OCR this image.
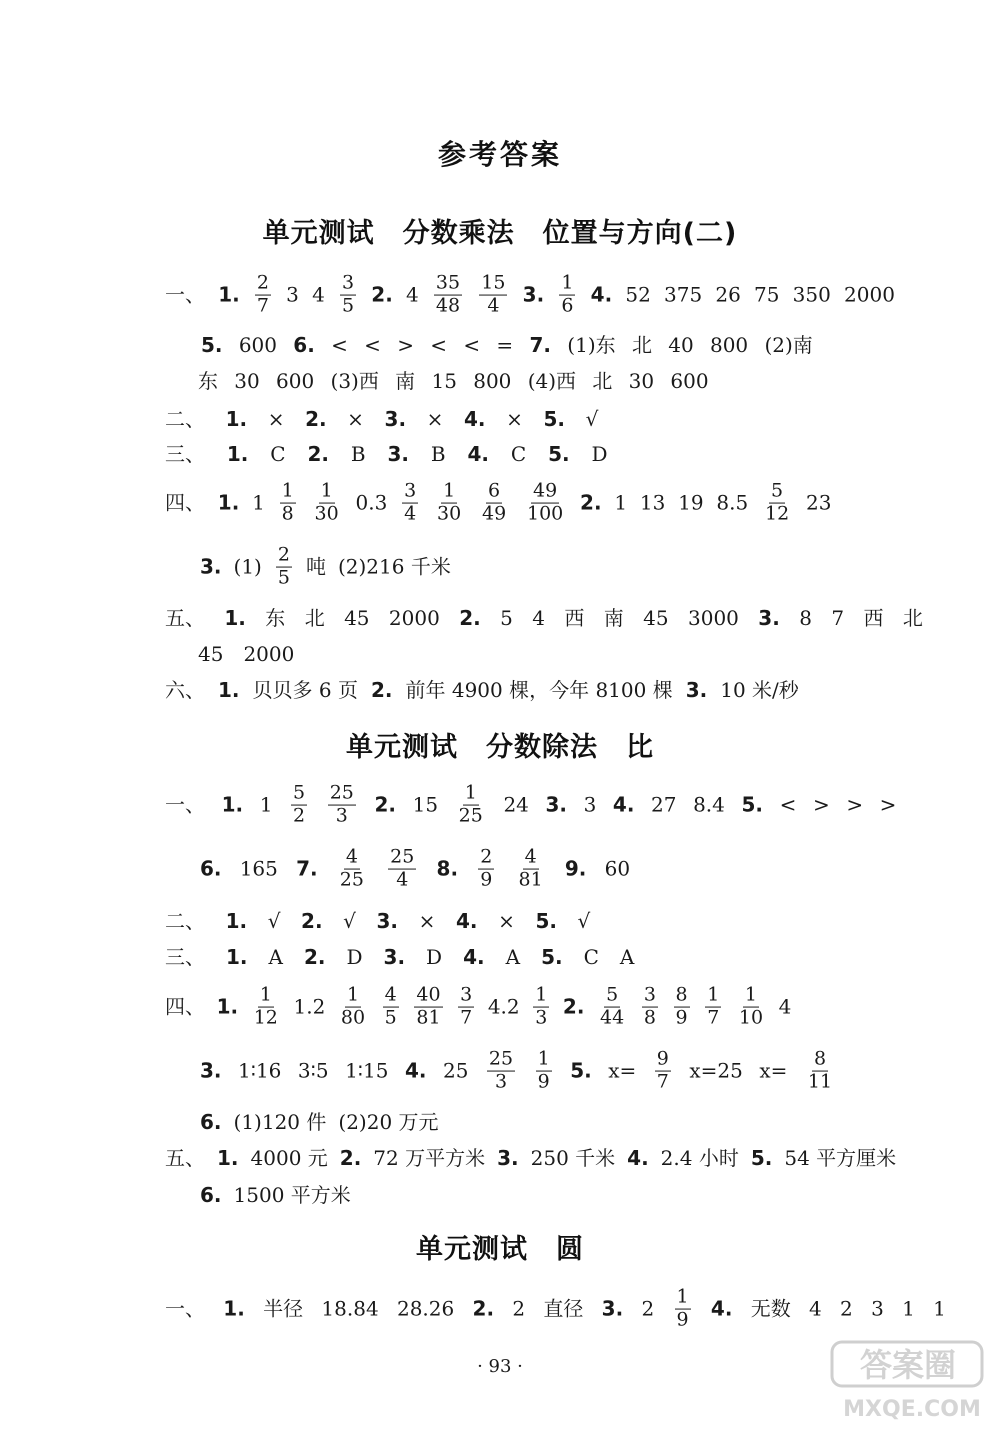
参考答案
单元测试　分数乘法　位置与方向(二)
一、 1. $\frac{2}{7} 3$ $4 \frac{3}{5} 2$. $4 \frac{35}{48} \frac{15}{4} 3$. $\frac{1}{6} 4$. 52 375 26 75 350 2000
5. 600 6. < < > < < = 7. (1)东 北 40 800 (2)南
东 30 600 (3)西 南 15 800 (4)西 北 30 600
二、 1. × 2. × 3. × 4. × 5. √
三、 1. C 2. B 3. B 4. C 5. D
四、 1. $1 \frac{1}{8} \frac{1}{30} 0.3 \frac{3}{4} \frac{1}{30} \frac{6}{49} \frac{49}{100} 2$. 1 13 19 $8.5 \frac{5}{12} 23$
3. $(1) \frac{2}{5}$ 吨 (2)216 千米
五、 1. 东 北 45 2000 2. 5 4 西 南 45 3000 3. 8 7 西 北
45 2000
六、 1. 贝贝多 6 页 2. 前年 4900 棵，今年 8100 棵 3. 10 米/秒
单元测试　分数除法　比
一、 1. $1 \frac{5}{2} \frac{25}{3} 2$. $15 \frac{1}{25} 24$ 3. 3 4. 27 8.4 5. < > > >
6. 165 7. $\frac{4}{25} \frac{25}{4} 8$. $\frac{2}{9} \frac{4}{81} 9$. 60
二、 1. √ 2. √ 3. × 4. × 5. √
三、 1. A 2. D 3. D 4. A 5. C A
四、 1. $\frac{1}{12} 1.2 \frac{1}{80} \frac{4}{5} \frac{40}{81} \frac{3}{7} 4.2 \frac{1}{3} 2$. $\frac{5}{44} \frac{3}{8} \frac{8}{9} \frac{1}{7} \frac{1}{10} 4$
3. 1∶16 3∶5 1∶15 4. $25 \frac{25}{3} \frac{1}{9} 5$. $x= \frac{9}{7} x=25$ $x= \frac{8}{11}$
6. (1)120 件 (2)20 万元
五、 1. 4000 元 2. 72 万平方米 3. 250 千米 4. 2.4 小时 5. 54 平方厘米
6. 1500 平方米
单元测试　圆
一、 1. 半径 18.84 28.26 2. 2 直径 3. $2 \frac{1}{9} 4$. 无数 4 2 3 1 1
· 93 ·	答案圈
MXQE.COM
